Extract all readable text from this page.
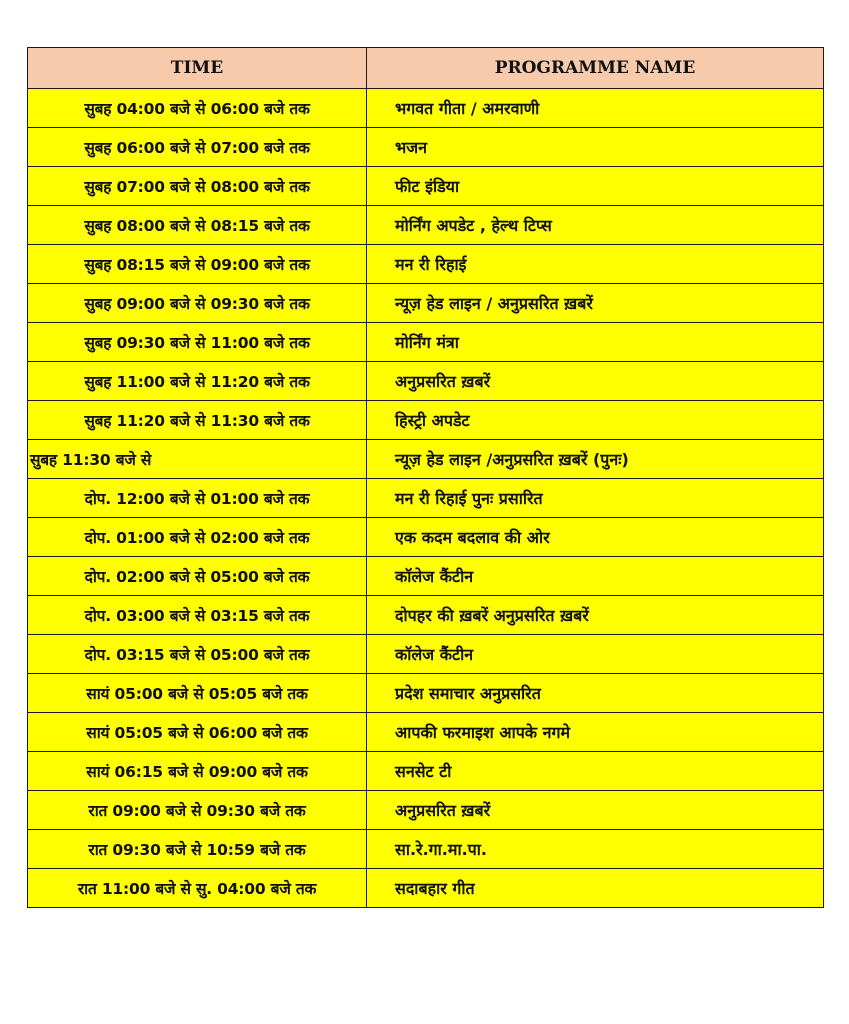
TIME	PROGRAMME NAME
सुबह 04:00 बजे से 06:00 बजे तक	भगवत गीता / अमरवाणी
सुबह 06:00 बजे से 07:00 बजे तक	भजन
सुबह 07:00 बजे से 08:00 बजे तक	फीट इंडिया
सुबह 08:00 बजे से 08:15 बजे तक	मोर्निंग अपडेट , हेल्थ टिप्स
सुबह 08:15 बजे से 09:00 बजे तक	मन री रिहाई
सुबह 09:00 बजे से 09:30 बजे तक	न्यूज़ हेड लाइन / अनुप्रसरित ख़बरें
सुबह 09:30 बजे से 11:00 बजे तक	मोर्निंग मंत्रा
सुबह 11:00 बजे से 11:20 बजे तक	अनुप्रसरित ख़बरें
सुबह 11:20 बजे से 11:30 बजे तक	हिस्ट्री अपडेट
सुबह 11:30 बजे से	न्यूज़ हेड लाइन /अनुप्रसरित ख़बरें (पुनः)
दोप. 12:00 बजे से 01:00 बजे तक	मन री रिहाई पुनः प्रसारित
दोप. 01:00 बजे से 02:00 बजे तक	एक कदम बदलाव की ओर
दोप. 02:00 बजे से 05:00 बजे तक	कॉलेज कैंटीन
दोप. 03:00 बजे से 03:15 बजे तक	दोपहर की ख़बरें अनुप्रसरित ख़बरें
दोप. 03:15 बजे से 05:00 बजे तक	कॉलेज कैंटीन
सायं 05:00 बजे से 05:05 बजे तक	प्रदेश समाचार अनुप्रसरित
सायं 05:05 बजे से 06:00 बजे तक	आपकी फरमाइश आपके नगमे
सायं 06:15 बजे से 09:00 बजे तक	सनसेट टी
रात 09:00 बजे से 09:30 बजे तक	अनुप्रसरित ख़बरें
रात 09:30 बजे से 10:59 बजे तक	सा.रे.गा.मा.पा.
रात 11:00 बजे से सु. 04:00 बजे तक	सदाबहार गीत
